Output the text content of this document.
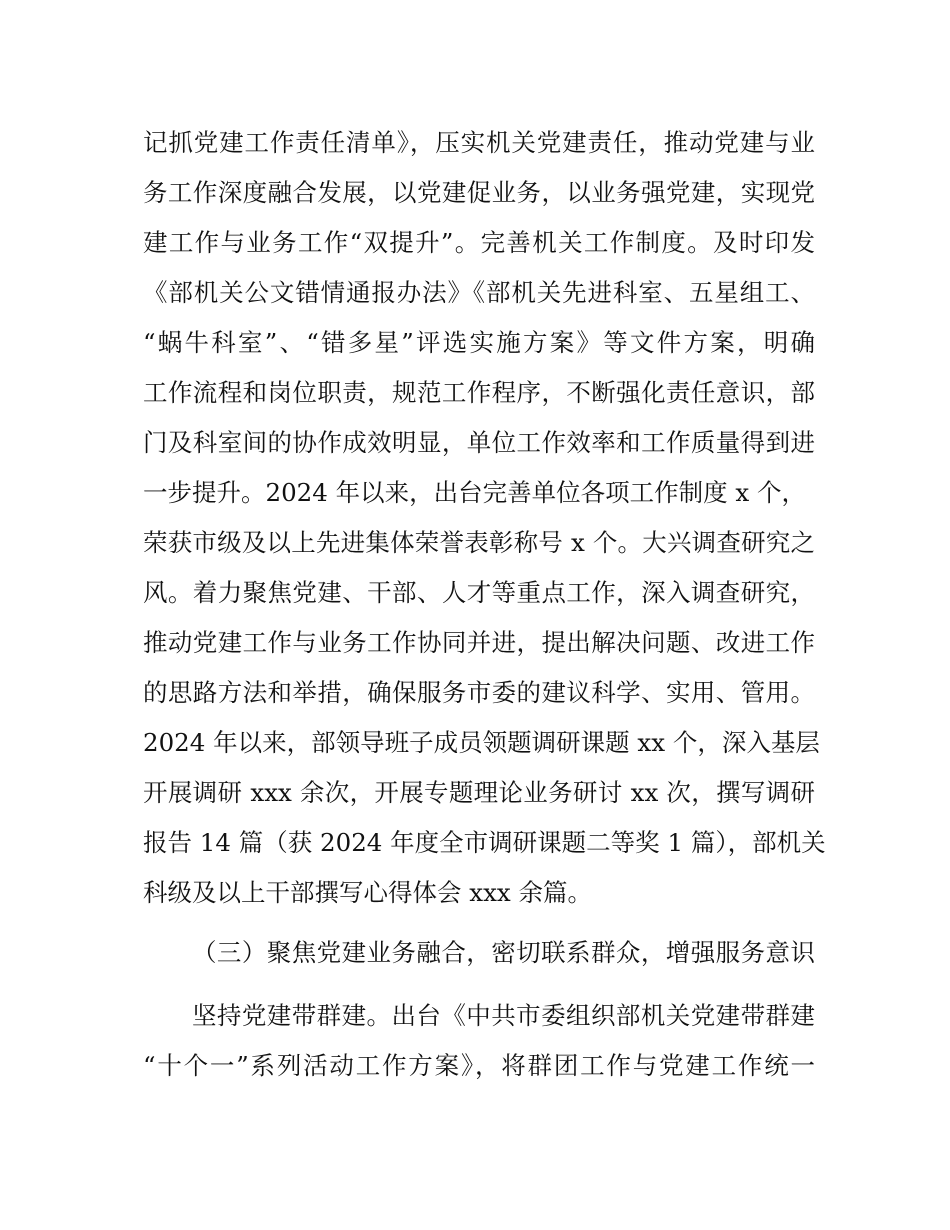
记抓党建工作责任清单》，压实机关党建责任，推动党建与业
务工作深度融合发展，以党建促业务，以业务强党建，实现党
建工作与业务工作“双提升”。完善机关工作制度。及时印发
《部机关公文错情通报办法》《部机关先进科室、五星组工、
“蜗牛科室”、“错多星”评选实施方案》等文件方案，明确
工作流程和岗位职责，规范工作程序，不断强化责任意识，部
门及科室间的协作成效明显，单位工作效率和工作质量得到进
一步提升。2024 年以来，出台完善单位各项工作制度 x 个，
荣获市级及以上先进集体荣誉表彰称号 x 个。大兴调查研究之
风。着力聚焦党建、干部、人才等重点工作，深入调查研究，
推动党建工作与业务工作协同并进，提出解决问题、改进工作
的思路方法和举措，确保服务市委的建议科学、实用、管用。
2024 年以来，部领导班子成员领题调研课题 xx 个，深入基层
开展调研 xxx 余次，开展专题理论业务研讨 xx 次，撰写调研
报告 14 篇（获 2024 年度全市调研课题二等奖 1 篇），部机关
科级及以上干部撰写心得体会 xxx 余篇。
（三）聚焦党建业务融合，密切联系群众，增强服务意识
坚持党建带群建。出台《中共市委组织部机关党建带群建
“十个一”系列活动工作方案》，将群团工作与党建工作统一
